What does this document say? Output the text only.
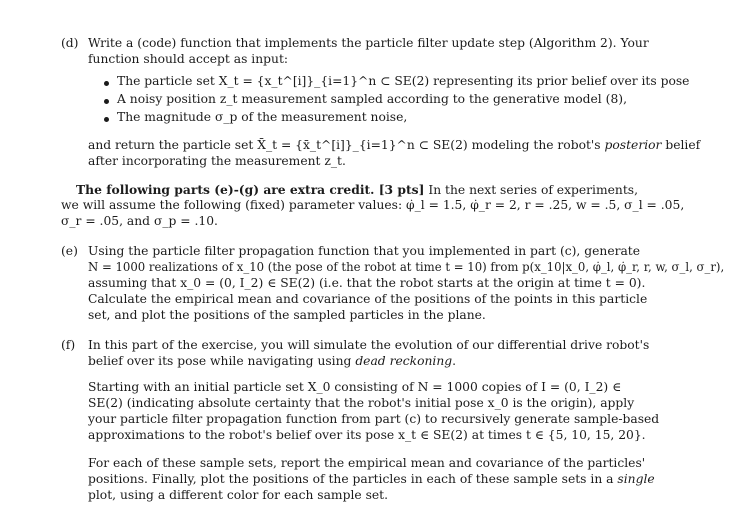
(d) Write a (code) function that implements the particle filter update step (Algorithm 2). Your
function should accept as input:
The particle set X_t = {x_t^[i]}_{i=1}^n ⊂ SE(2) representing its prior belief over its pose
A noisy position z_t measurement sampled according to the generative model (8),
The magnitude σ_p of the measurement noise,
and return the particle set X̄_t = {x̄_t^[i]}_{i=1}^n ⊂ SE(2) modeling the robot's posterior belief
after incorporating the measurement z_t.
The following parts (e)-(g) are extra credit. [3 pts] In the next series of experiments,
we will assume the following (fixed) parameter values: φ̇_l = 1.5, φ̇_r = 2, r = .25, w = .5, σ_l = .05,
σ_r = .05, and σ_p = .10.
(e) Using the particle filter propagation function that you implemented in part (c), generate
N = 1000 realizations of x_10 (the pose of the robot at time t = 10) from p(x_10|x_0, φ̇_l, φ̇_r, r, w, σ_l, σ_r),
assuming that x_0 = (0, I_2) ∈ SE(2) (i.e. that the robot starts at the origin at time t = 0).
Calculate the empirical mean and covariance of the positions of the points in this particle
set, and plot the positions of the sampled particles in the plane.
(f) In this part of the exercise, you will simulate the evolution of our differential drive robot's
belief over its pose while navigating using dead reckoning.
Starting with an initial particle set X_0 consisting of N = 1000 copies of I = (0, I_2) ∈
SE(2) (indicating absolute certainty that the robot's initial pose x_0 is the origin), apply
your particle filter propagation function from part (c) to recursively generate sample-based
approximations to the robot's belief over its pose x_t ∈ SE(2) at times t ∈ {5, 10, 15, 20}.
For each of these sample sets, report the empirical mean and covariance of the particles'
positions. Finally, plot the positions of the particles in each of these sample sets in a single
plot, using a different color for each sample set.
